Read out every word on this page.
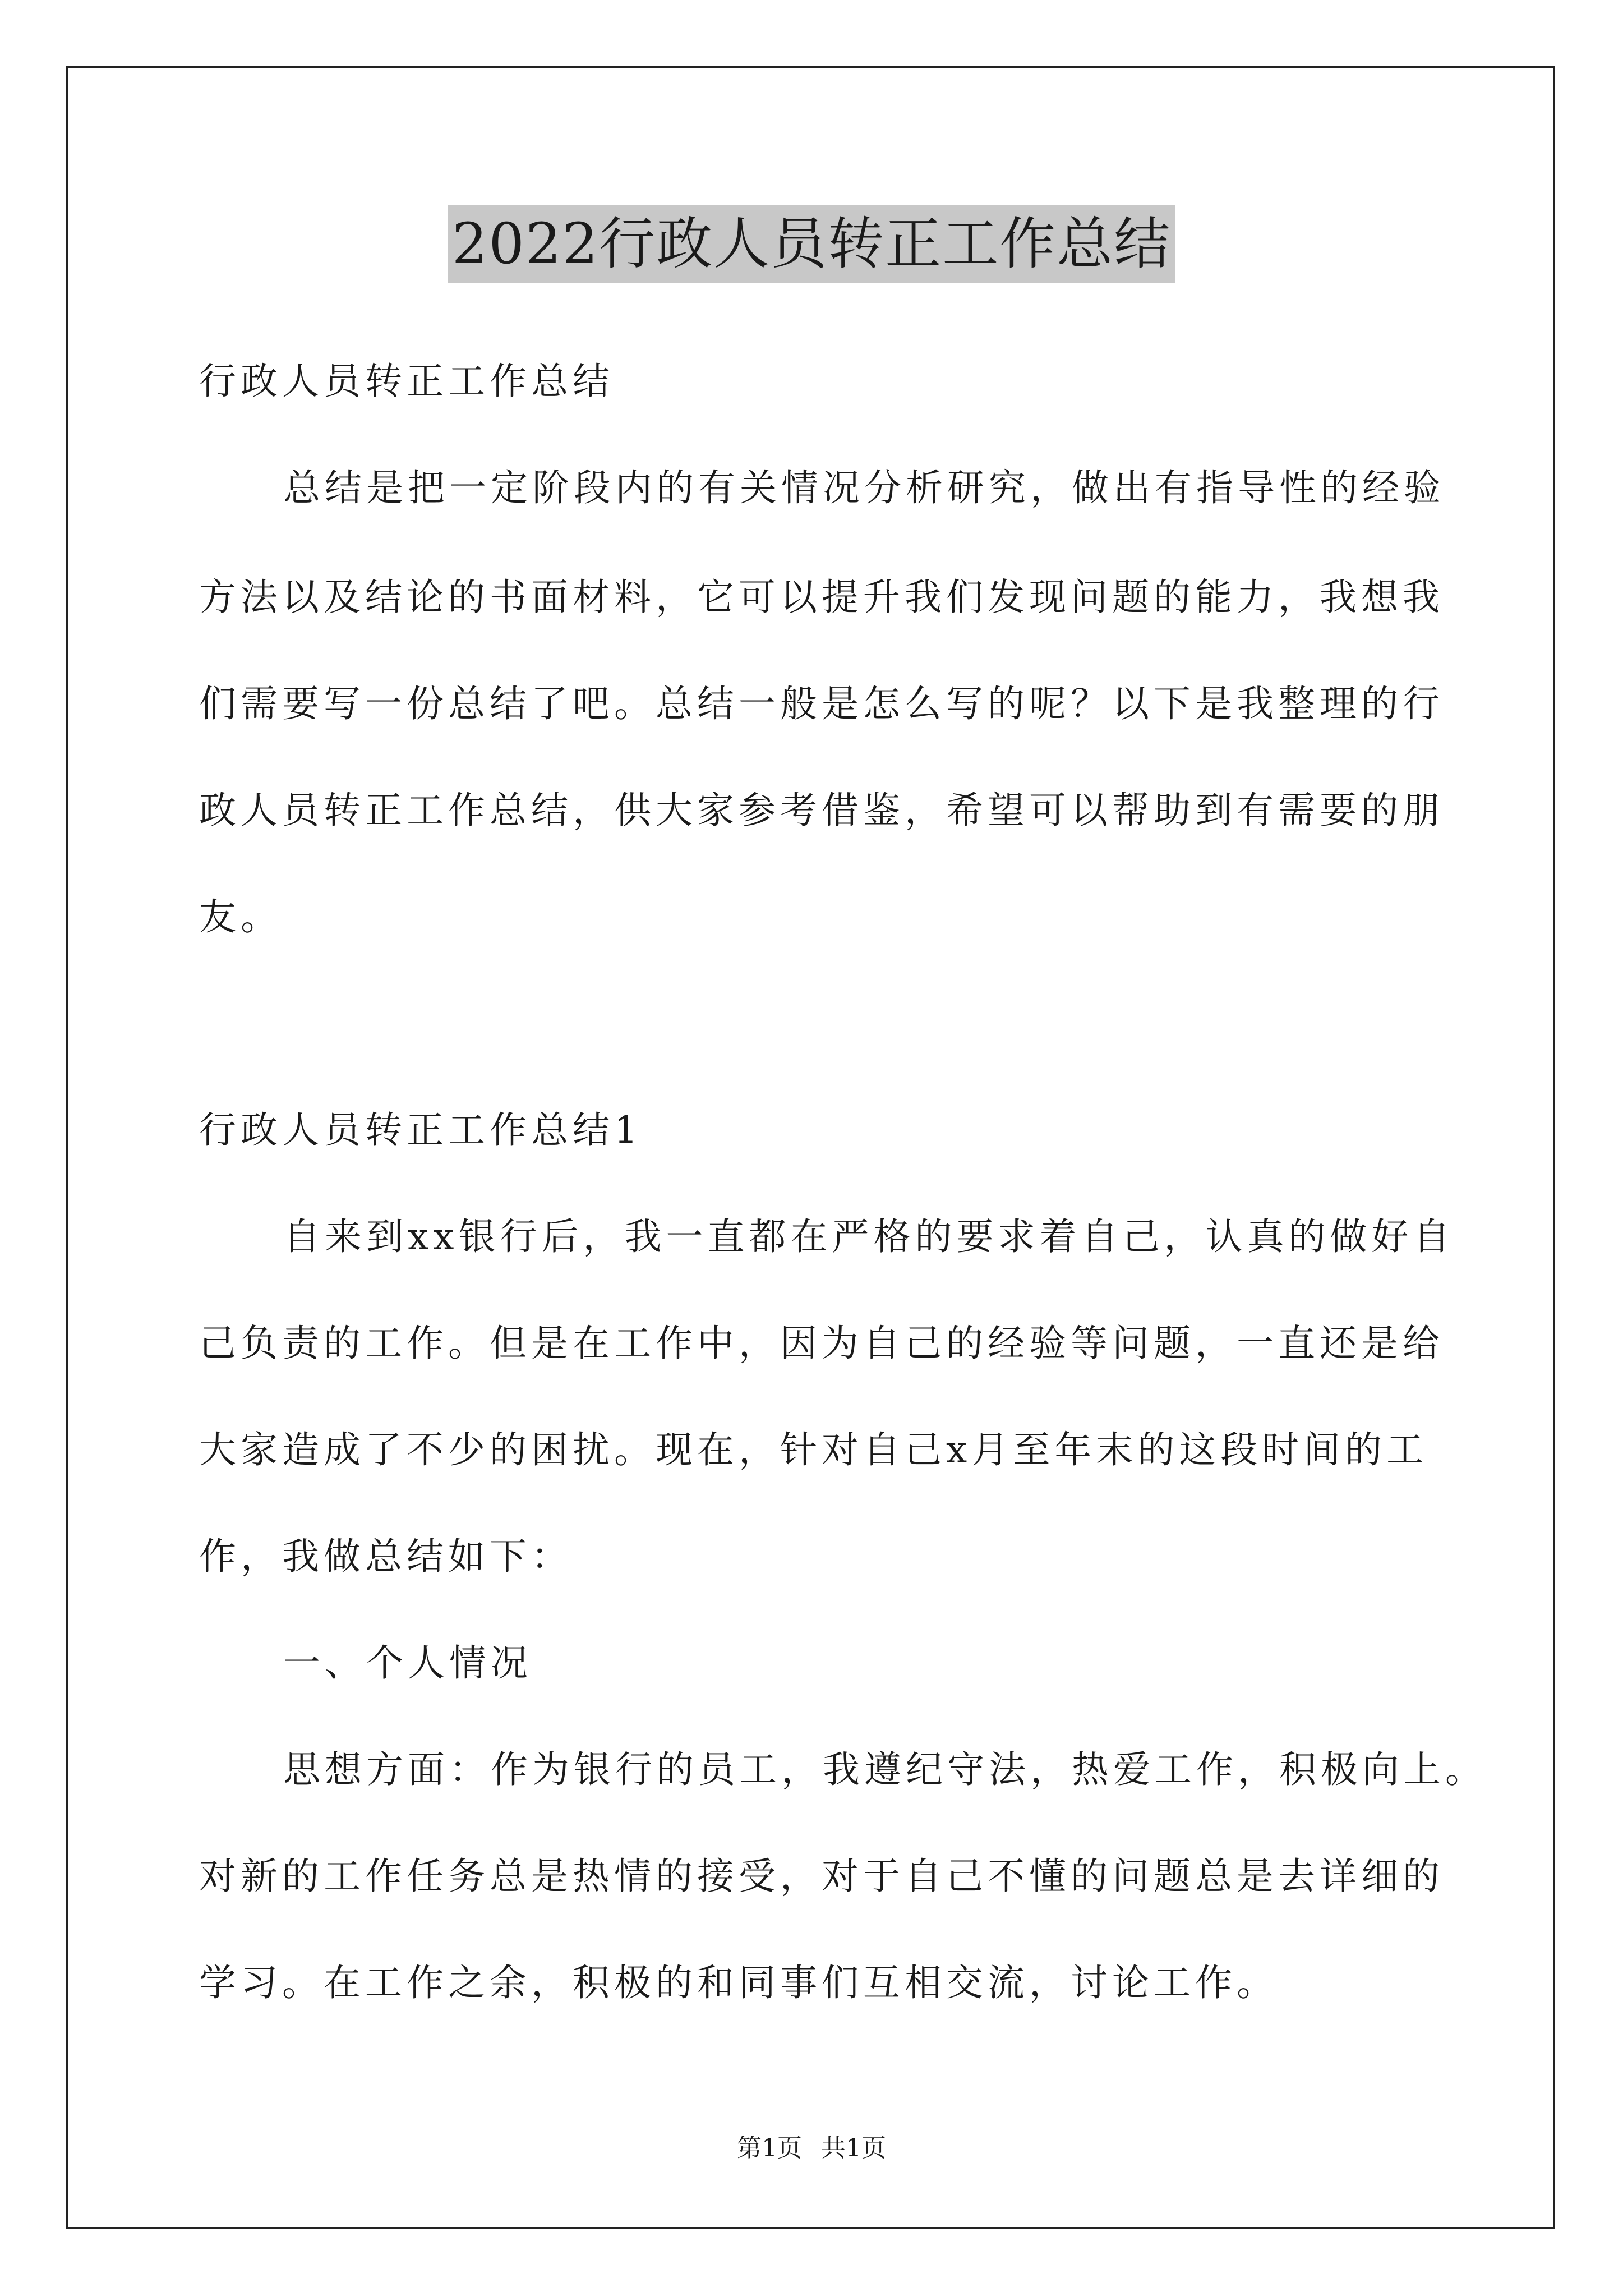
2022行政人员转正工作总结
行政人员转正工作总结
总结是把一定阶段内的有关情况分析研究，做出有指导性的经验
方法以及结论的书面材料，它可以提升我们发现问题的能力，我想我
们需要写一份总结了吧。总结一般是怎么写的呢？以下是我整理的行
政人员转正工作总结，供大家参考借鉴，希望可以帮助到有需要的朋
友。
行政人员转正工作总结1
自来到xx银行后，我一直都在严格的要求着自己，认真的做好自
己负责的工作。但是在工作中，因为自己的经验等问题，一直还是给
大家造成了不少的困扰。现在，针对自己x月至年末的这段时间的工
作，我做总结如下：
一、个人情况
思想方面：作为银行的员工，我遵纪守法，热爱工作，积极向上。
对新的工作任务总是热情的接受，对于自己不懂的问题总是去详细的
学习。在工作之余，积极的和同事们互相交流，讨论工作。
第1页 共1页
